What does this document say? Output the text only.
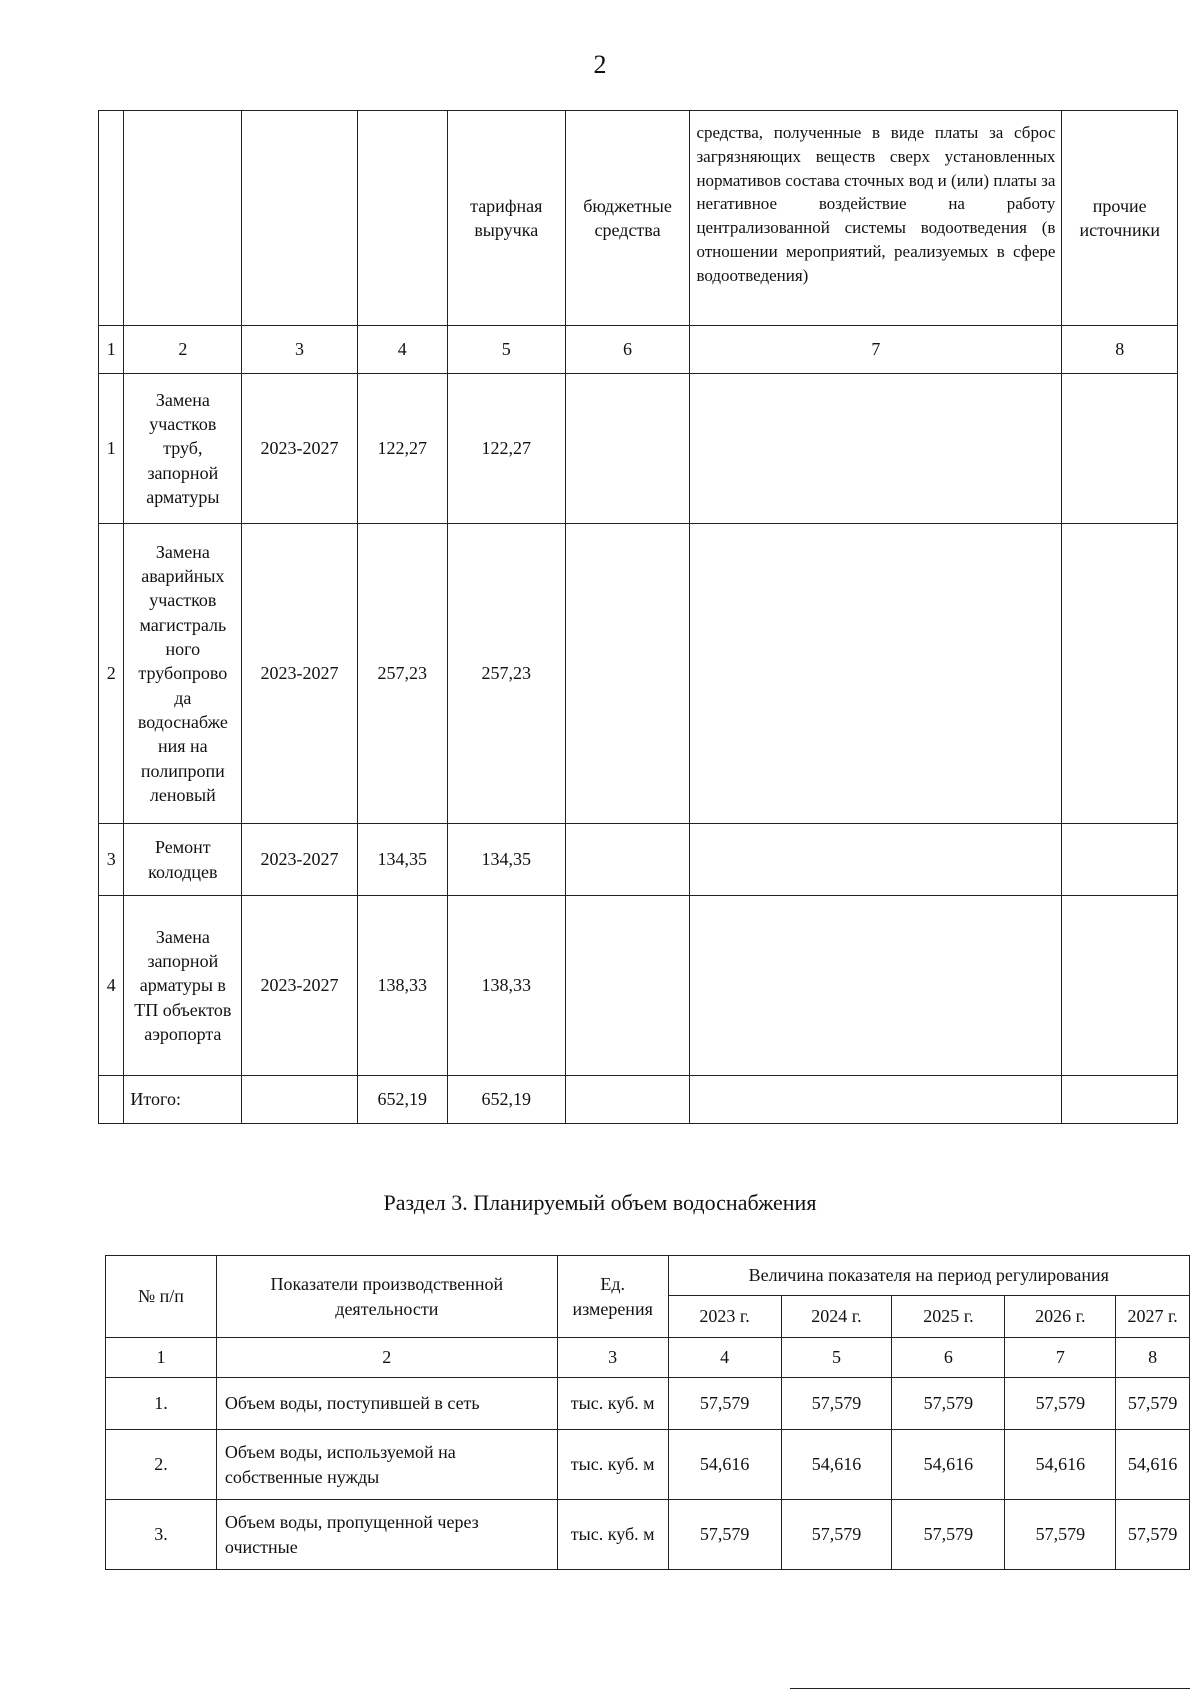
2
				тарифная выручка	бюджетные средства	средства, полученные в виде платы за сброс загрязняющих веществ сверх установленных нормативов состава сточных вод и (или) платы за негативное воздействие на работу централизованной системы водоотведения (в отношении мероприятий, реализуемых в сфере
водоотведения)	прочие источники
1	2	3	4	5	6	7	8
1	Замена участков труб, запорной арматуры	2023-2027	122,27	122,27			
2	Замена аварийных участков магистраль ного трубопрово да водоснабже ния на полипропи леновый	2023-2027	257,23	257,23			
3	Ремонт колодцев	2023-2027	134,35	134,35			
4	Замена запорной арматуры в ТП объектов аэропорта	2023-2027	138,33	138,33			
	Итого:		652,19	652,19			
Раздел 3. Планируемый объем водоснабжения
№ п/п	Показатели производственной деятельности	Ед. измерения	Величина показателя на период регулирования				
			2023 г.	2024 г.	2025 г.	2026 г.	2027 г.
1	2	3	4	5	6	7	8
1.	Объем воды, поступившей в сеть	тыс. куб. м	57,579	57,579	57,579	57,579	57,579
2.	Объем воды, используемой на собственные нужды	тыс. куб. м	54,616	54,616	54,616	54,616	54,616
3.	Объем воды, пропущенной через очистные	тыс. куб. м	57,579	57,579	57,579	57,579	57,579
